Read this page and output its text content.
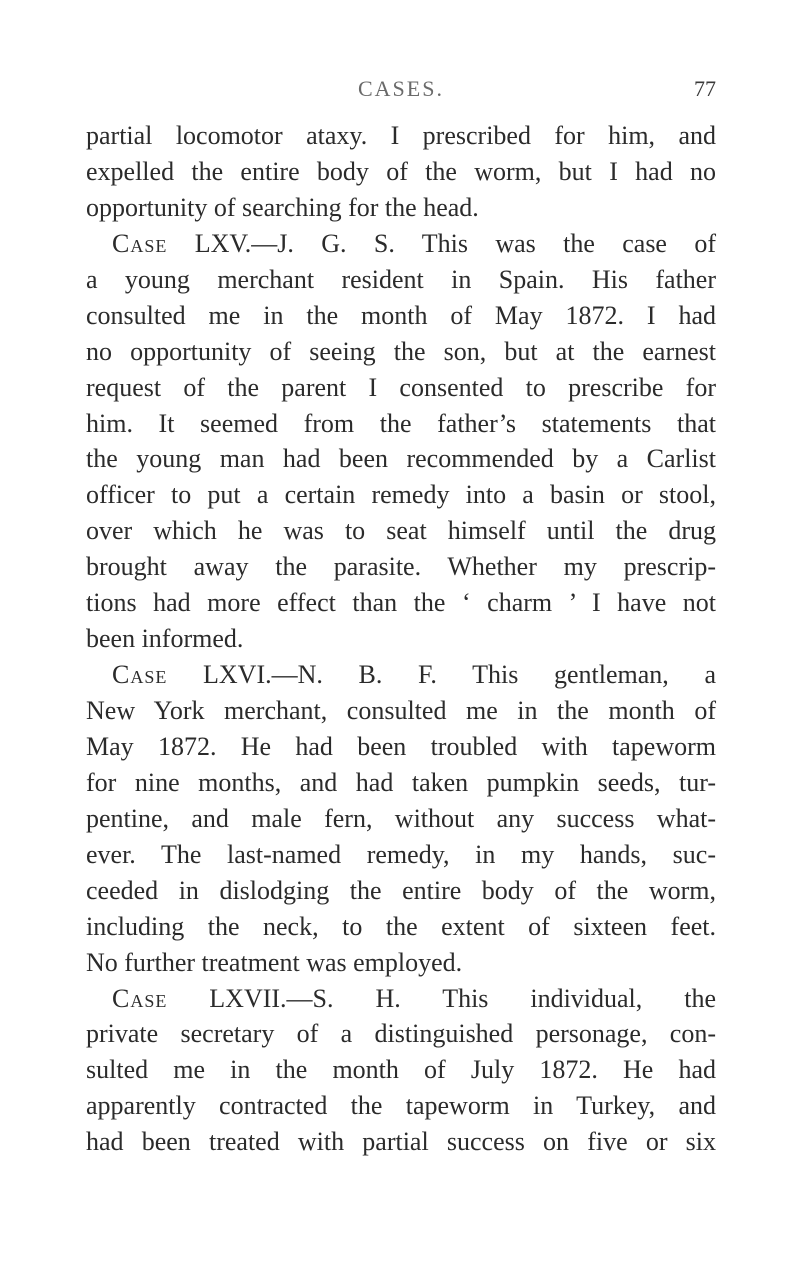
CASES.	77
partial locomotor ataxy. I prescribed for him, and
expelled the entire body of the worm, but I had no
opportunity of searching for the head.
Case LXV.—J. G. S. This was the case of
a young merchant resident in Spain. His father
consulted me in the month of May 1872. I had
no opportunity of seeing the son, but at the earnest
request of the parent I consented to prescribe for
him. It seemed from the father’s statements that
the young man had been recommended by a Carlist
officer to put a certain remedy into a basin or stool,
over which he was to seat himself until the drug
brought away the parasite. Whether my prescrip-
tions had more effect than the ‘ charm ’ I have not
been informed.
Case LXVI.—N. B. F. This gentleman, a
New York merchant, consulted me in the month of
May 1872. He had been troubled with tapeworm
for nine months, and had taken pumpkin seeds, tur-
pentine, and male fern, without any success what-
ever. The last-named remedy, in my hands, suc-
ceeded in dislodging the entire body of the worm,
including the neck, to the extent of sixteen feet.
No further treatment was employed.
Case LXVII.—S. H. This individual, the
private secretary of a distinguished personage, con-
sulted me in the month of July 1872. He had
apparently contracted the tapeworm in Turkey, and
had been treated with partial success on five or six
